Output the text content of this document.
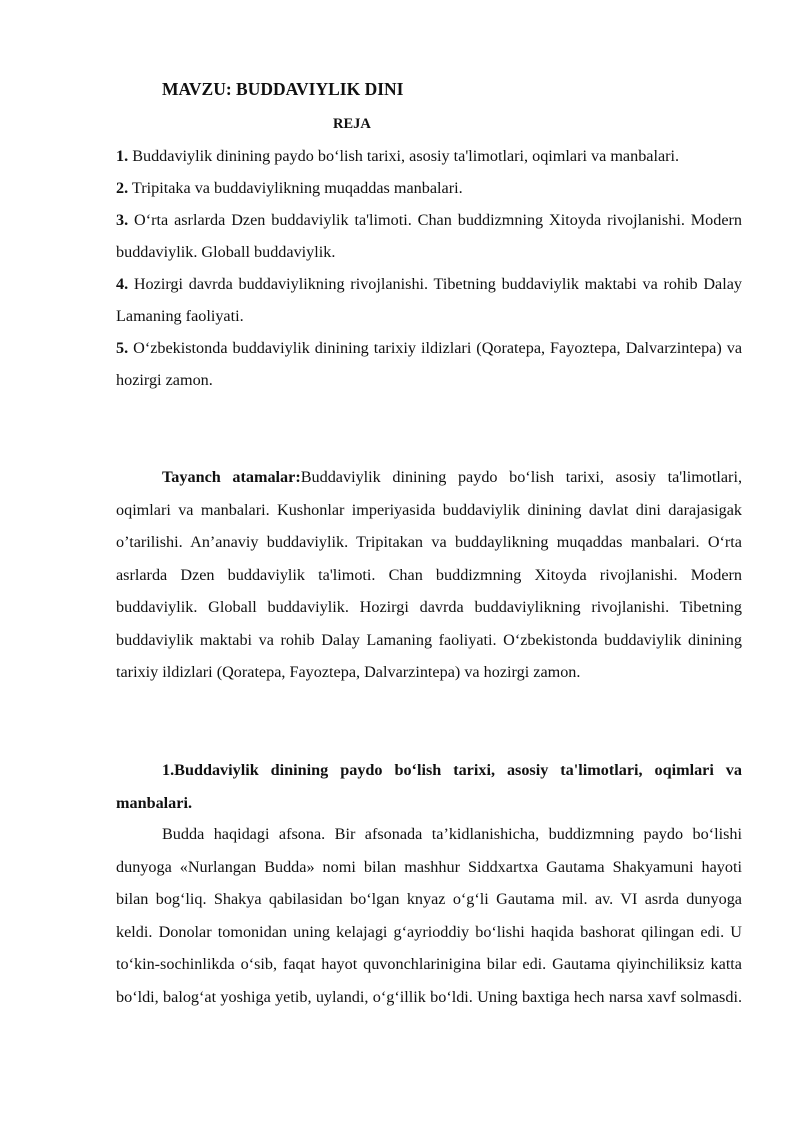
MAVZU: BUDDAVIYLIK DINI
REJA
1. Buddaviylik dinining paydo bo‘lish tarixi, asosiy ta'limotlari, oqimlari va manbalari.
2. Tripitaka va buddaviylikning muqaddas manbalari.
3. O‘rta asrlarda Dzen buddaviylik ta'limoti. Chan buddizmning Xitoyda rivojlanishi. Modern buddaviylik. Globall buddaviylik.
4. Hozirgi davrda buddaviylikning rivojlanishi. Tibetning buddaviylik maktabi va rohib Dalay Lamaning faoliyati.
5. O‘zbekistonda buddaviylik dinining tarixiy ildizlari (Qoratepa, Fayoztepa, Dalvarzintepa) va hozirgi zamon.
Tayanch atamalar:Buddaviylik dinining paydo bo‘lish tarixi, asosiy ta'limotlari, oqimlari va manbalari. Kushonlar imperiyasida buddaviylik dinining davlat dini darajasigak o’tarilishi. An’anaviy buddaviylik. Tripitakan va buddaylikning muqaddas manbalari. O‘rta asrlarda Dzen buddaviylik ta'limoti. Chan buddizmning Xitoyda rivojlanishi. Modern buddaviylik. Globall buddaviylik. Hozirgi davrda buddaviylikning rivojlanishi. Tibetning buddaviylik maktabi va rohib Dalay Lamaning faoliyati. O‘zbekistonda buddaviylik dinining tarixiy ildizlari (Qoratepa, Fayoztepa, Dalvarzintepa) va hozirgi zamon.
1.Buddaviylik dinining paydo bo‘lish tarixi, asosiy ta'limotlari, oqimlari va manbalari.
Budda haqidagi afsona. Bir afsonada ta’kidlanishicha, buddizmning paydo bo‘lishi dunyoga «Nurlangan Budda» nomi bilan mashhur Siddxartxa Gautama Shakyamuni hayoti bilan bog‘liq. Shakya qabilasidan bo‘lgan knyaz o‘g‘li Gautama mil. av. VI asrda dunyoga keldi. Donolar tomonidan uning kelajagi g‘ayrioddiy bo‘lishi haqida bashorat qilingan edi. U to‘kin-sochinlikda o‘sib, faqat hayot quvonchlarinigina bilar edi. Gautama qiyinchiliksiz katta bo‘ldi, balog‘at yoshiga yetib, uylandi, o‘g‘illik bo‘ldi. Uning baxtiga hech narsa xavf solmasdi.
